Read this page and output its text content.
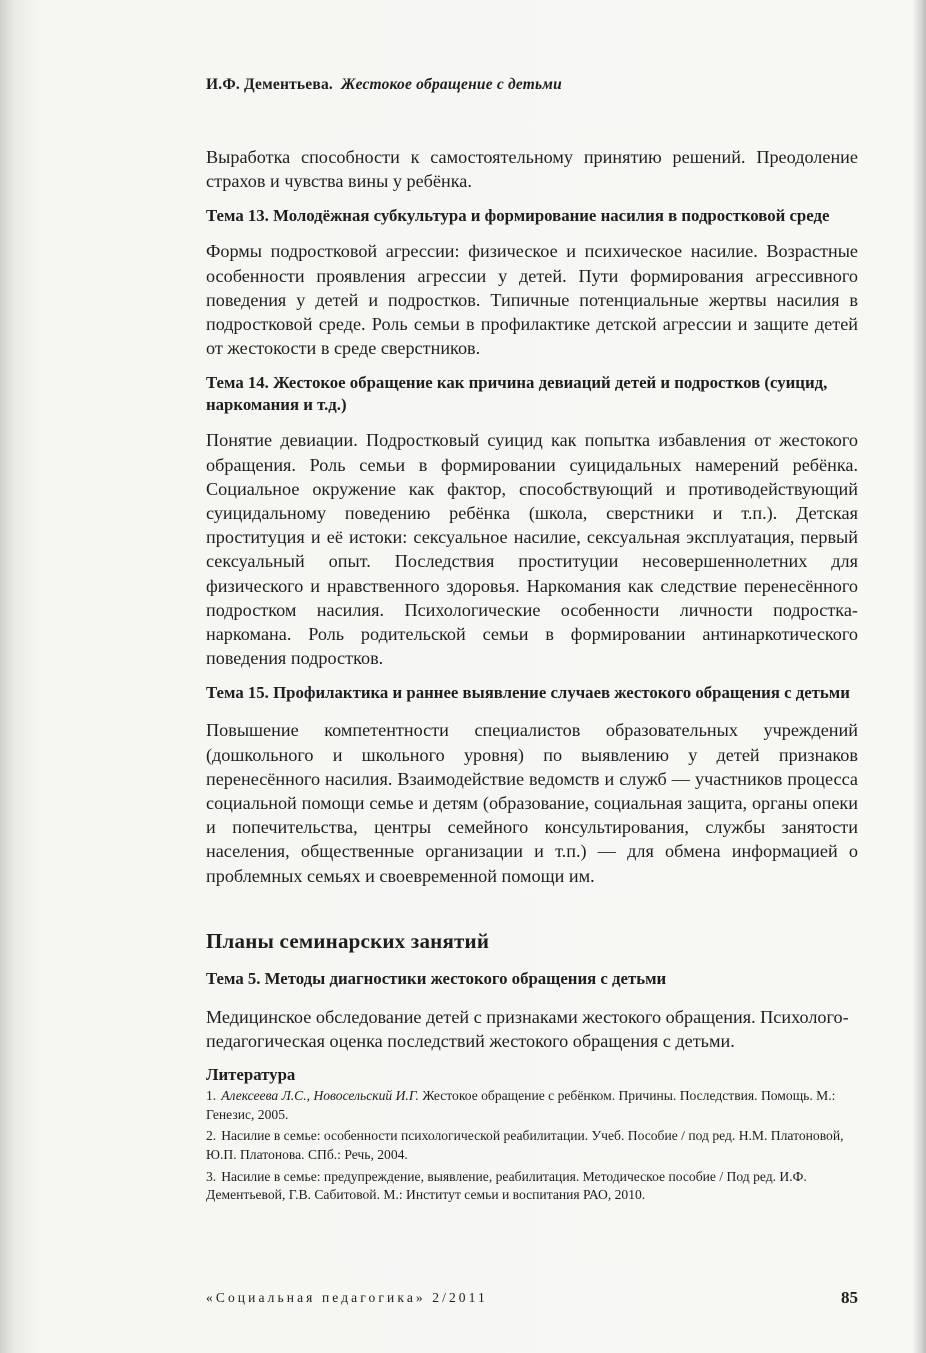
И.Ф. Дементьева. Жестокое обращение с детьми

Выработка способности к самостоятельному принятию решений. Преодоление страхов и чувства вины у ребёнка.

Тема 13. Молодёжная субкультура и формирование насилия в подростковой среде

Формы подростковой агрессии: физическое и психическое насилие. Возрастные особенности проявления агрессии у детей. Пути формирования агрессивного поведения у детей и подростков. Типичные потенциальные жертвы насилия в подростковой среде. Роль семьи в профилактике детской агрессии и защите детей от жестокости в среде сверстников.

Тема 14. Жестокое обращение как причина девиаций детей и подростков (суицид, наркомания и т.д.)

Понятие девиации. Подростковый суицид как попытка избавления от жестокого обращения. Роль семьи в формировании суицидальных намерений ребёнка. Социальное окружение как фактор, способствующий и противодействующий суицидальному поведению ребёнка (школа, сверстники и т.п.). Детская проституция и её истоки: сексуальное насилие, сексуальная эксплуатация, первый сексуальный опыт. Последствия проституции несовершеннолетних для физического и нравственного здоровья. Наркомания как следствие перенесённого подростком насилия. Психологические особенности личности подростка-наркомана. Роль родительской семьи в формировании антинаркотического поведения подростков.

Тема 15. Профилактика и раннее выявление случаев жестокого обращения с детьми

Повышение компетентности специалистов образовательных учреждений (дошкольного и школьного уровня) по выявлению у детей признаков перенесённого насилия. Взаимодействие ведомств и служб — участников процесса социальной помощи семье и детям (образование, социальная защита, органы опеки и попечительства, центры семейного консультирования, службы занятости населения, общественные организации и т.п.) — для обмена информацией о проблемных семьях и своевременной помощи им.

Планы семинарских занятий
Тема 5. Методы диагностики жестокого обращения с детьми

Медицинское обследование детей с признаками жестокого обращения. Психолого-педагогическая оценка последствий жестокого обращения с детьми.

Литература
1. Алексеева Л.С., Новосельский И.Г. Жестокое обращение с ребёнком. Причины. Последствия. Помощь. М.: Генезис, 2005.
2. Насилие в семье: особенности психологической реабилитации. Учеб. Пособие / под ред. Н.М. Платоновой, Ю.П. Платонова. СПб.: Речь, 2004.
3. Насилие в семье: предупреждение, выявление, реабилитация. Методическое пособие / Под ред. И.Ф. Дементьевой, Г.В. Сабитовой. М.: Институт семьи и воспитания РАО, 2010.
«Социальная педагогика» 2/2011	85
